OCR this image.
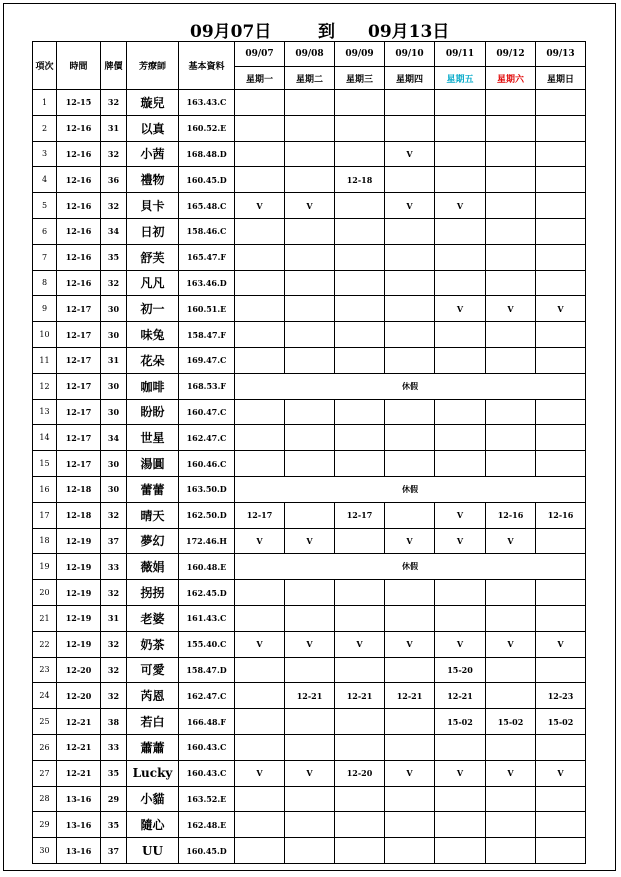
09月07日	到 09月13日
項次	時間	牌價	芳療師	基本資料	09/07	09/08	09/09	09/10	09/11	09/12	09/13
					星期一	星期二	星期三	星期四	星期五	星期六	星期日
1	12-15	32	璇兒	163.43.C							
2	12-16	31	以真	160.52.E							
3	12-16	32	小茜	168.48.D				V			
4	12-16	36	禮物	160.45.D			12-18				
5	12-16	32	貝卡	165.48.C	V	V		V	V		
6	12-16	34	日初	158.46.C							
7	12-16	35	舒芙	165.47.F							
8	12-16	32	凡凡	163.46.D							
9	12-17	30	初一	160.51.E					V	V	V
10	12-17	30	味兔	158.47.F							
11	12-17	31	花朵	169.47.C							
12	12-17	30	咖啡	168.53.F	休假						
13	12-17	30	盼盼	160.47.C							
14	12-17	34	世星	162.47.C							
15	12-17	30	湯圓	160.46.C							
16	12-18	30	蕾蕾	163.50.D	休假						
17	12-18	32	晴天	162.50.D	12-17		12-17		V	12-16	12-16
18	12-19	37	夢幻	172.46.H	V	V		V	V	V	
19	12-19	33	薇娟	160.48.E	休假						
20	12-19	32	拐拐	162.45.D							
21	12-19	31	老婆	161.43.C							
22	12-19	32	奶茶	155.40.C	V	V	V	V	V	V	V
23	12-20	32	可愛	158.47.D					15-20		
24	12-20	32	芮恩	162.47.C		12-21	12-21	12-21	12-21		12-23
25	12-21	38	若白	166.48.F					15-02	15-02	15-02
26	12-21	33	蕭蕭	160.43.C							
27	12-21	35	Lucky	160.43.C	V	V	12-20	V	V	V	V
28	13-16	29	小貓	163.52.E							
29	13-16	35	隨心	162.48.E							
30	13-16	37	UU	160.45.D							
